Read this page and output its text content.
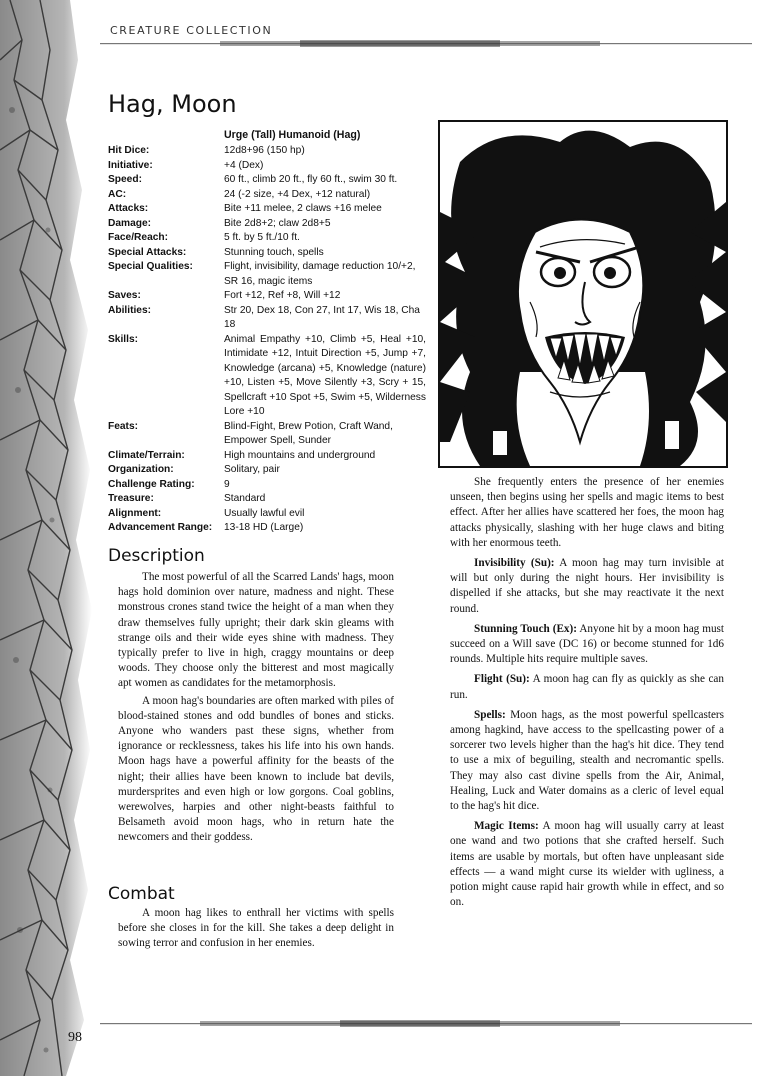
CREATURE COLLECTION
Hag, Moon
Urge (Tall) Humanoid (Hag)
Hit Dice:	12d8+96 (150 hp)
Initiative:	+4 (Dex)
Speed:	60 ft., climb 20 ft., fly 60 ft., swim 30 ft.
AC:	24 (-2 size, +4 Dex, +12 natural)
Attacks:	Bite +11 melee, 2 claws +16 melee
Damage:	Bite 2d8+2; claw 2d8+5
Face/Reach:	5 ft. by 5 ft./10 ft.
Special Attacks:	Stunning touch, spells
Special Qualities:	Flight, invisibility, damage reduction 10/+2, SR 16, magic items
Saves:	Fort +12, Ref +8, Will +12
Abilities:	Str 20, Dex 18, Con 27, Int 17, Wis 18, Cha 18
Skills:	Animal Empathy +10, Climb +5, Heal +10, Intimidate +12, Intuit Direction +5, Jump +7, Knowledge (arcana) +5, Knowledge (nature) +10, Listen +5, Move Silently +3, Scry + 15, Spellcraft +10 Spot +5, Swim +5, Wilderness Lore +10
Feats:	Blind-Fight, Brew Potion, Craft Wand, Empower Spell, Sunder
Climate/Terrain:	High mountains and underground
Organization:	Solitary, pair
Challenge Rating:	9
Treasure:	Standard
Alignment:	Usually lawful evil
Advancement Range:	13-18 HD (Large)
Description

The most powerful of all the Scarred Lands' hags, moon hags hold dominion over nature, madness and night. These monstrous crones stand twice the height of a man when they draw themselves fully upright; their dark skin gleams with strange oils and their wide eyes shine with madness. They typically prefer to live in high, craggy mountains or deep woods. They choose only the bitterest and most magically apt women as candidates for the metamorphosis.

A moon hag's boundaries are often marked with piles of blood-stained stones and odd bundles of bones and sticks. Anyone who wanders past these signs, whether from ignorance or recklessness, takes his life into his own hands. Moon hags have a powerful affinity for the beasts of the night; their allies have been known to include bat devils, murdersprites and even high or low gorgons. Coal goblins, werewolves, harpies and other night-beasts faithful to Belsameth avoid moon hags, who in return hate the newcomers and their goddess.

Combat

A moon hag likes to enthrall her victims with spells before she closes in for the kill. She takes a deep delight in sowing terror and confusion in her enemies.

She frequently enters the presence of her enemies unseen, then begins using her spells and magic items to best effect. After her allies have scattered her foes, the moon hag attacks physically, slashing with her huge claws and biting with her enormous teeth.

Invisibility (Su): A moon hag may turn invisible at will but only during the night hours. Her invisibility is dispelled if she attacks, but she may reactivate it the next round.

Stunning Touch (Ex): Anyone hit by a moon hag must succeed on a Will save (DC 16) or become stunned for 1d6 rounds. Multiple hits require multiple saves.

Flight (Su): A moon hag can fly as quickly as she can run.

Spells: Moon hags, as the most powerful spellcasters among hagkind, have access to the spellcasting power of a sorcerer two levels higher than the hag's hit dice. They tend to use a mix of beguiling, stealth and necromantic spells. They may also cast divine spells from the Air, Animal, Healing, Luck and Water domains as a cleric of level equal to the hag's hit dice.

Magic Items: A moon hag will usually carry at least one wand and two potions that she crafted herself. Such items are usable by mortals, but often have unpleasant side effects — a wand might curse its wielder with ugliness, a potion might cause rapid hair growth while in effect, and so on.

98
